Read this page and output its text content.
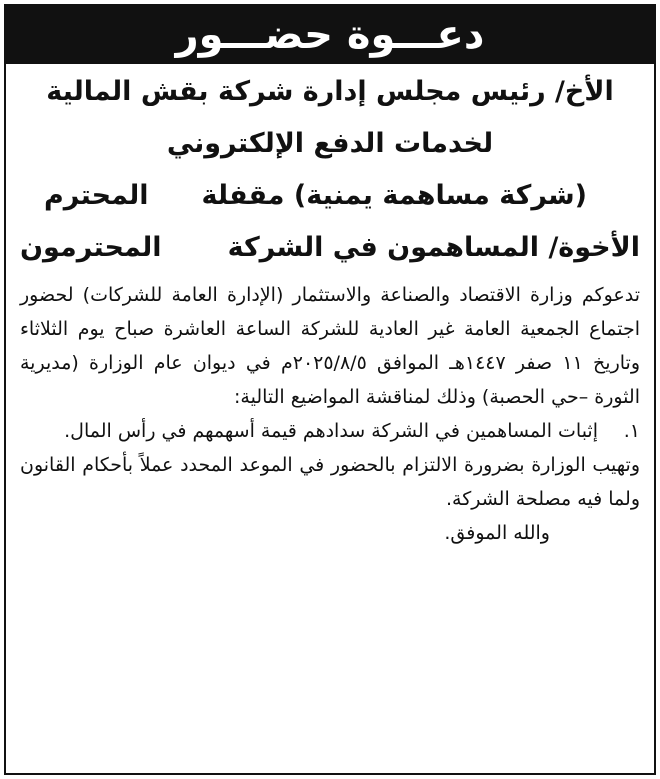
دعـــوة حضـــور
الأخ/ رئيس مجلس إدارة شركة بقش المالية
لخدمات الدفع الإلكتروني
(شركة مساهمة يمنية) مقفلة
المحترم
الأخوة/ المساهمون في الشركة
المحترمون

تدعوكم وزارة الاقتصاد والصناعة والاستثمار (الإدارة العامة للشركات) لحضور اجتماع الجمعية العامة غير العادية للشركة الساعة العاشرة صباح يوم الثلاثاء وتاريخ ١١ صفر ١٤٤٧هـ الموافق ٢٠٢٥/٨/٥م في ديوان عام الوزارة (مديرية الثورة –حي الحصبة) وذلك لمناقشة المواضيع التالية:

١.
إثبات المساهمين في الشركة سدادهم قيمة أسهمهم في رأس المال.

وتهيب الوزارة بضرورة الالتزام بالحضور في الموعد المحدد عملاً بأحكام القانون ولما فيه مصلحة الشركة.

والله الموفق.
